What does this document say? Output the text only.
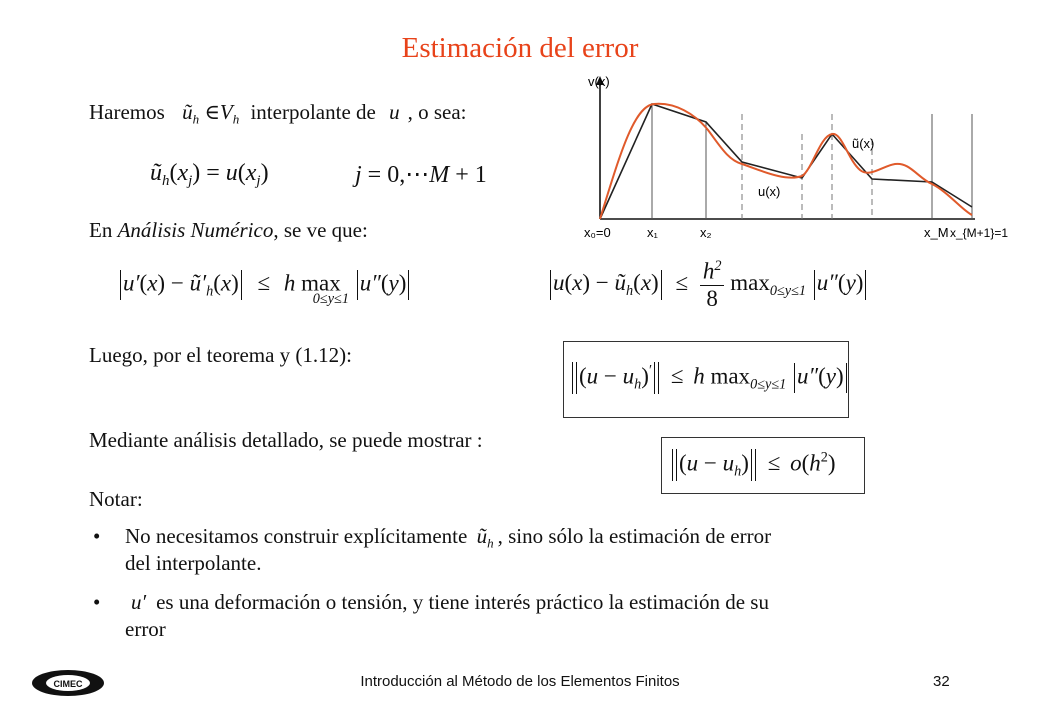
Estimación del error
Haremos $ũ_h$ $\in V_h$ interpolante de u , o sea:
$ũ_h(x_j) = u(x_j)$	j = 0,⋯M + 1
En Análisis Numérico, se ve que:
$u'(x) - ũ'_h(x) \le h$ $\max_{0\le y\le 1} u''(y)$	$u(x) - ũ_h(x) \le \frac{h^2}{8} \max_{0\le y\le 1} u''(y)$
Luego, por el teorema y (1.12):
$(u - u_h)' \le h$ $\max_{0\le y\le 1} u''(y)$
Mediante análisis detallado, se puede mostrar :
$(u - u_h) \le o(h^2)$
Notar:
• No necesitamos construir explícitamente $ũ_h$ , sino sólo la estimación de error
del interpolante.
• u′ es una deformación o tensión, y tiene interés práctico la estimación de su
error
v(x)
ũ(x)
u(x)
x₀=0	x₁	x₂	x_M x_{M+1}=1
CIMEC	Introducción al Método de los Elementos Finitos	32
